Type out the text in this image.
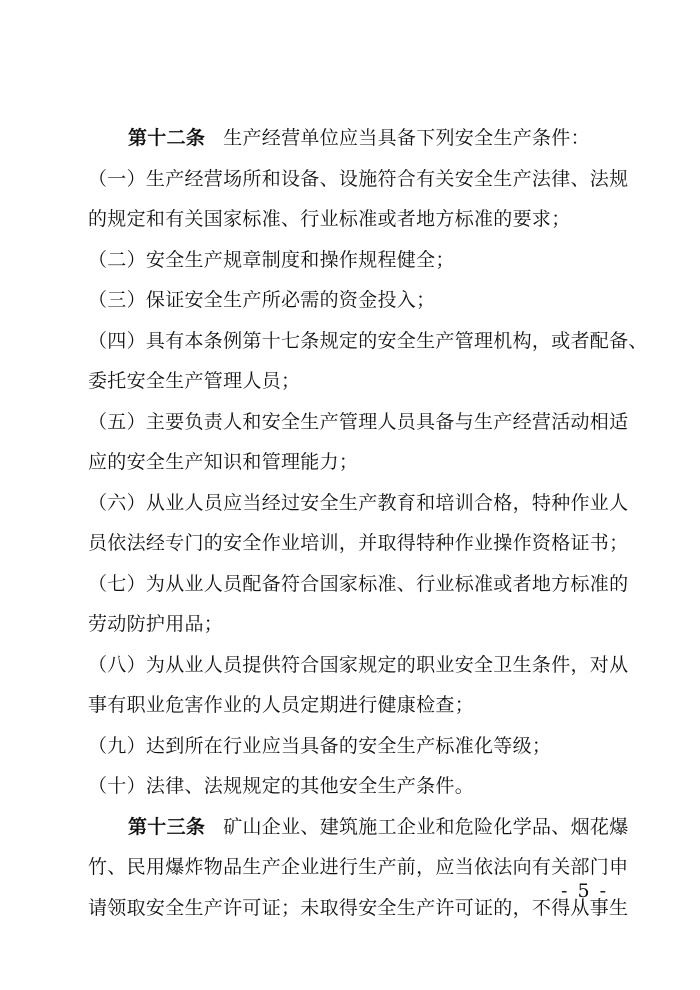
第十二条 生产经营单位应当具备下列安全生产条件：
（一）生产经营场所和设备、设施符合有关安全生产法律、法规
的规定和有关国家标准、行业标准或者地方标准的要求；
（二）安全生产规章制度和操作规程健全；
（三）保证安全生产所必需的资金投入；
（四）具有本条例第十七条规定的安全生产管理机构，或者配备、
委托安全生产管理人员；
（五）主要负责人和安全生产管理人员具备与生产经营活动相适
应的安全生产知识和管理能力；
（六）从业人员应当经过安全生产教育和培训合格，特种作业人
员依法经专门的安全作业培训，并取得特种作业操作资格证书；
（七）为从业人员配备符合国家标准、行业标准或者地方标准的
劳动防护用品；
（八）为从业人员提供符合国家规定的职业安全卫生条件，对从
事有职业危害作业的人员定期进行健康检查；
（九）达到所在行业应当具备的安全生产标准化等级；
（十）法律、法规规定的其他安全生产条件。
第十三条 矿山企业、建筑施工企业和危险化学品、烟花爆
竹、民用爆炸物品生产企业进行生产前，应当依法向有关部门申
请领取安全生产许可证；未取得安全生产许可证的，不得从事生
- 5 -
